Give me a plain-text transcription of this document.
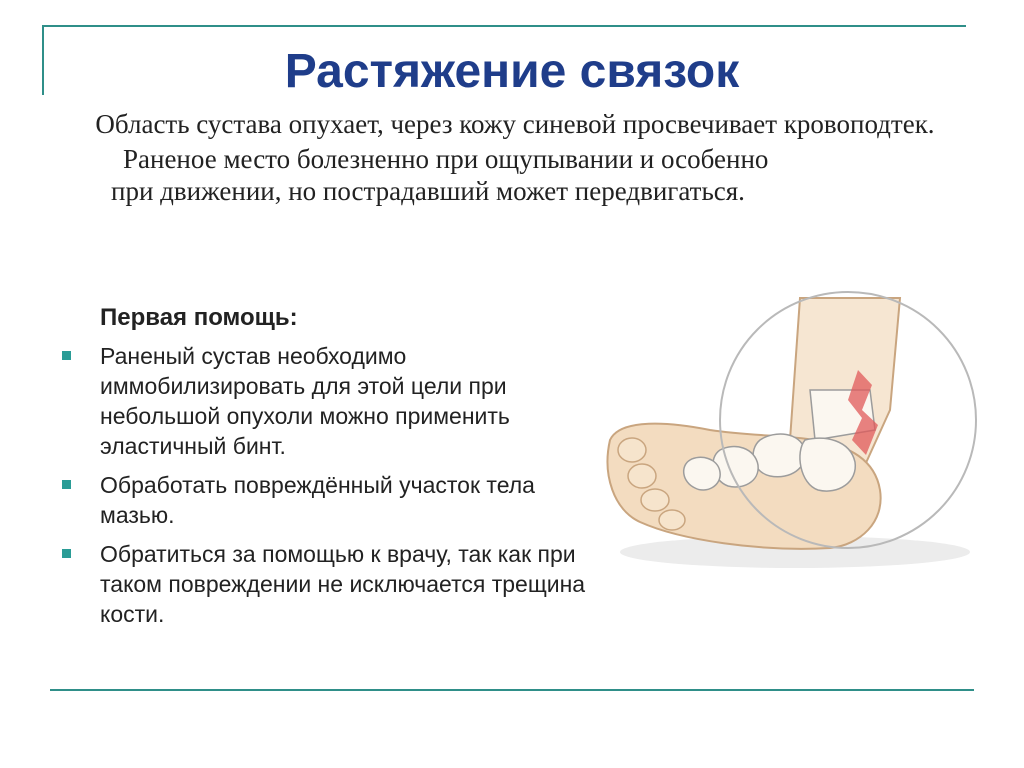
Растяжение связок

Область сустава опухает, через кожу синевой просвечивает кровоподтек.

Раненое место болезненно при ощупывании и особенно
при движении, но пострадавший может передвигаться.

Первая помощь:
Раненый сустав необходимо иммобилизировать для этой цели при небольшой опухоли можно применить эластичный бинт.
Обработать повреждённый участок тела мазью.
Обратиться за помощью к врачу, так как при таком повреждении не исключается трещина кости.
